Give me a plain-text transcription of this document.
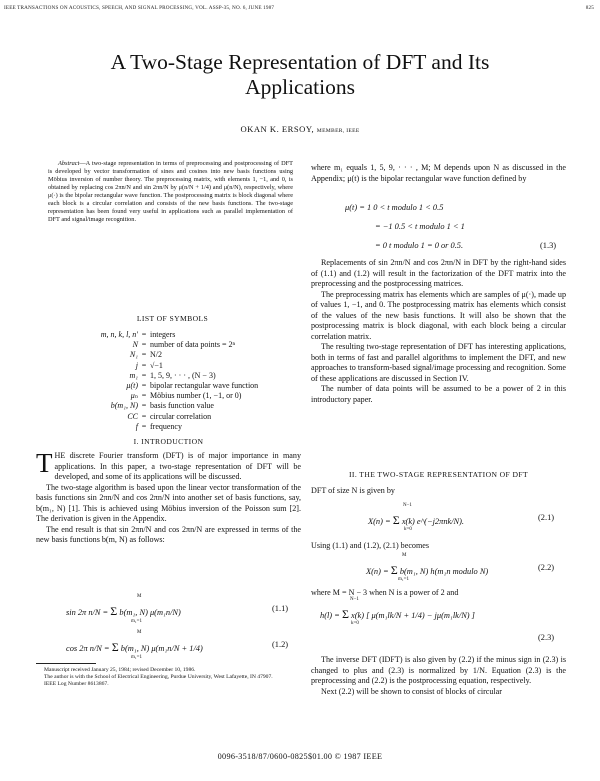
IEEE TRANSACTIONS ON ACOUSTICS, SPEECH, AND SIGNAL PROCESSING, VOL. ASSP-35, NO. 6, JUNE 1987	825
A Two-Stage Representation of DFT and Its
Applications
OKAN K. ERSOY, MEMBER, IEEE
Abstract—A two-stage representation in terms of preprocessing and postprocessing of DFT is developed by vector transformation of sines and cosines into new basis functions using Möbius inversion of number theory. The preprocessing matrix, with elements 1, −1, and 0, is obtained by replacing cos 2πn/N and sin 2πn/N by μ(n/N + 1/4) and μ(n/N), respectively, where μ(·) is the bipolar rectangular wave function. The postprocessing matrix is block diagonal where each block is a circular correlation and consists of the new basis functions. The two-stage representation has been found very useful in applications such as parallel implementation of DFT and signal/image recognition.
LIST OF SYMBOLS
m, n, k, l, n' = integers
N = number of data points = 2ⁿ
N₁ = N/2
j = √−1
m₁ = 1, 5, 9, · · · , (N − 3)
μ(t) = bipolar rectangular wave function
μₙ = Möbius number (1, −1, or 0)
b(m₁, N) = basis function value
CC = circular correlation
f = frequency
I. INTRODUCTION
T HE discrete Fourier transform (DFT) is of major importance in many applications. In this paper, a two-stage representation of DFT will be developed, and some of its applications will be discussed.

The two-stage algorithm is based upon the linear vector transformation of the basis functions sin 2πn/N and cos 2πn/N into another set of basis functions, say, b(m₁, N) [1]. This is achieved using Möbius inversion of the Poisson sum [2]. The derivation is given in the Appendix.

The end result is that sin 2πn/N and cos 2πn/N are expressed in terms of the new basis functions b(m, N) as follows:

sin 2π n/N = Σ b(m₁, N) μ(m₁n/N)
M
m₁=1
(1.1)
cos 2π n/N = Σ b(m₁, N) μ(m₁n/N + 1/4)
M
m₁=1
(1.2)

Manuscript received January 25, 1984; revised December 10, 1986.

The author is with the School of Electrical Engineering, Purdue University, West Lafayette, IN 47907.

IEEE Log Number 8613867.

where m₁ equals 1, 5, 9, · · · , M; M depends upon N as discussed in the Appendix; μ(t) is the bipolar rectangular wave function defined by
μ(t) = 1 0 < t modulo 1 < 0.5
= −1 0.5 < t modulo 1 < 1
= 0 t modulo 1 = 0 or 0.5.	(1.3)

Replacements of sin 2πn/N and cos 2πn/N in DFT by the right-hand sides of (1.1) and (1.2) will result in the factorization of the DFT matrix into the preprocessing and the postprocessing matrices.

The preprocessing matrix has elements which are samples of μ(·), made up of values 1, −1, and 0. The postprocessing matrix has elements which consist of the values of the new basis functions. It will also be shown that the postprocessing matrix is block diagonal, with each block being a circular correlation matrix.

The resulting two-stage representation of DFT has interesting applications, both in terms of fast and parallel algorithms to implement the DFT, and new approaches to transform-based signal/image processing and recognition. Some of these applications are discussed in Section IV.

The number of data points will be assumed to be a power of 2 in this introductory paper.

II. THE TWO-STAGE REPRESENTATION OF DFT
DFT of size N is given by
X(n) = Σ x(k) e^(−j2πnk/N).
N−1
k=0
(2.1)
Using (1.1) and (1.2), (2.1) becomes
X(n) = Σ b(m₁, N) h(m₁n modulo N)
M
m₁=1
(2.2)
where M = N − 3 when N is a power of 2 and
h(l) = Σ x(k) [ μ(m₁lk/N + 1/4) − jμ(m₁lk/N) ]
N−1
k=0
(2.3)

The inverse DFT (IDFT) is also given by (2.2) if the minus sign in (2.3) is changed to plus and (2.3) is normalized by 1/N. Equation (2.3) is the preprocessing and (2.2) is the postprocessing equation, respectively.

Next (2.2) will be shown to consist of blocks of circular

0096-3518/87/0600-0825$01.00 © 1987 IEEE
